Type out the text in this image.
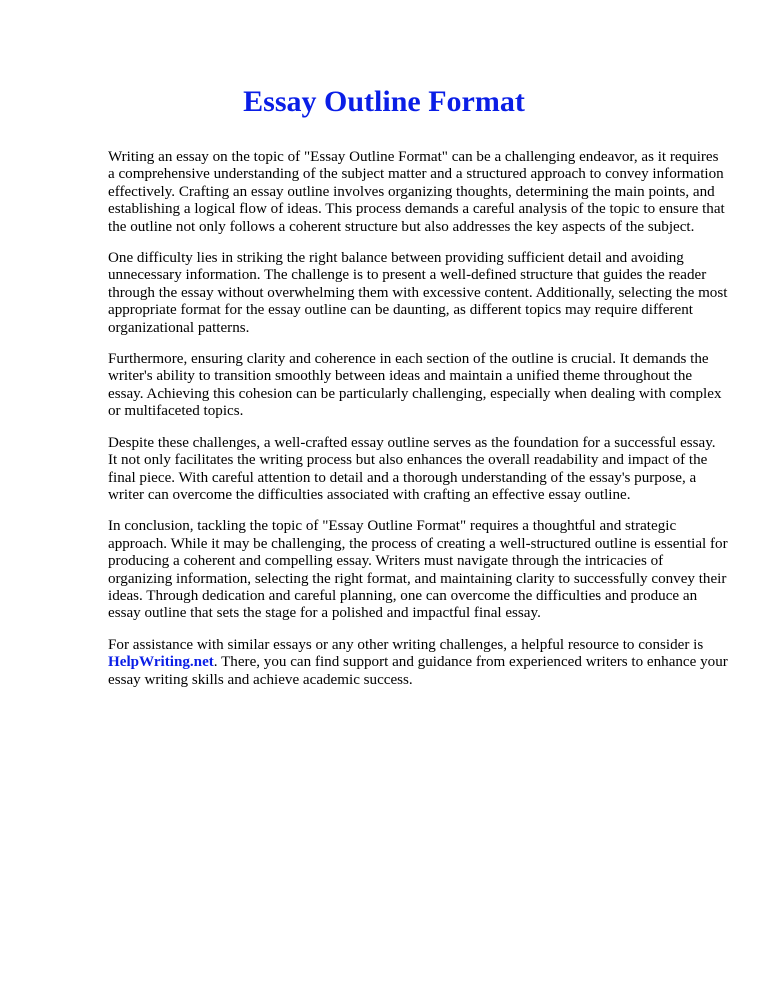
Essay Outline Format

Writing an essay on the topic of "Essay Outline Format" can be a challenging endeavor, as it requires a comprehensive understanding of the subject matter and a structured approach to convey information effectively. Crafting an essay outline involves organizing thoughts, determining the main points, and establishing a logical flow of ideas. This process demands a careful analysis of the topic to ensure that the outline not only follows a coherent structure but also addresses the key aspects of the subject.

One difficulty lies in striking the right balance between providing sufficient detail and avoiding unnecessary information. The challenge is to present a well-defined structure that guides the reader through the essay without overwhelming them with excessive content. Additionally, selecting the most appropriate format for the essay outline can be daunting, as different topics may require different organizational patterns.

Furthermore, ensuring clarity and coherence in each section of the outline is crucial. It demands the writer's ability to transition smoothly between ideas and maintain a unified theme throughout the essay. Achieving this cohesion can be particularly challenging, especially when dealing with complex or multifaceted topics.

Despite these challenges, a well-crafted essay outline serves as the foundation for a successful essay. It not only facilitates the writing process but also enhances the overall readability and impact of the final piece. With careful attention to detail and a thorough understanding of the essay's purpose, a writer can overcome the difficulties associated with crafting an effective essay outline.

In conclusion, tackling the topic of "Essay Outline Format" requires a thoughtful and strategic approach. While it may be challenging, the process of creating a well-structured outline is essential for producing a coherent and compelling essay. Writers must navigate through the intricacies of organizing information, selecting the right format, and maintaining clarity to successfully convey their ideas. Through dedication and careful planning, one can overcome the difficulties and produce an essay outline that sets the stage for a polished and impactful final essay.

For assistance with similar essays or any other writing challenges, a helpful resource to consider is HelpWriting.net. There, you can find support and guidance from experienced writers to enhance your essay writing skills and achieve academic success.
